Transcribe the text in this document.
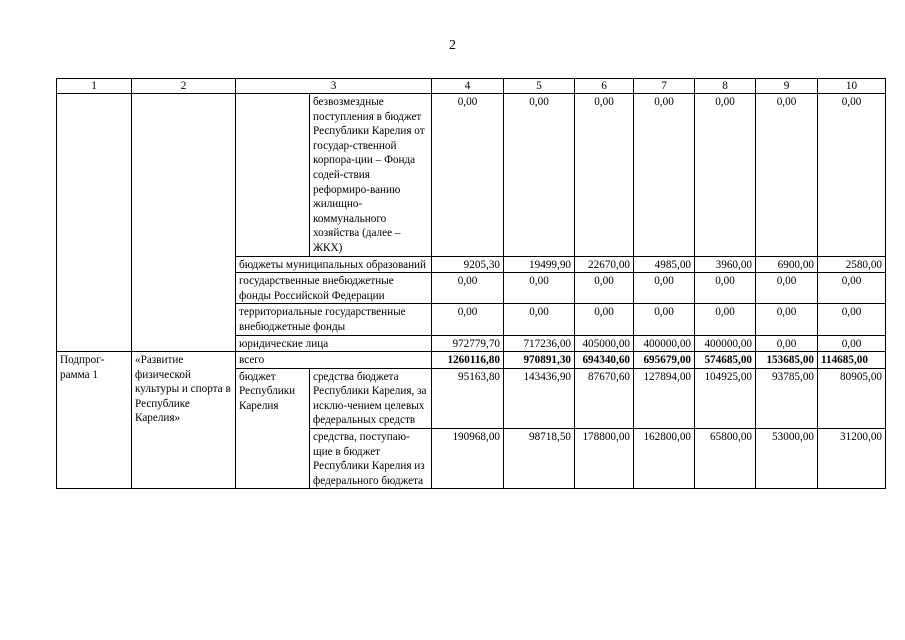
2
1	2	3		4	5	6	7	8	9	10
			безвозмездные поступления в бюджет Республики Карелия от государ-ственной корпора-ции – Фонда содей-ствия реформиро-ванию жилищно-коммунального хозяйства (далее – ЖКХ)	0,00	0,00	0,00	0,00	0,00	0,00	0,00
		бюджеты муниципальных образований		9205,30	19499,90	22670,00	4985,00	3960,00	6900,00	2580,00
		государственные внебюджетные фонды Российской Федерации		0,00	0,00	0,00	0,00	0,00	0,00	0,00
		территориальные государственные внебюджетные фонды		0,00	0,00	0,00	0,00	0,00	0,00	0,00
		юридические лица		972779,70	717236,00	405000,00	400000,00	400000,00	0,00	0,00
Подпрог-рамма 1	«Развитие физической культуры и спорта в Республике Карелия»	всего		1260116,80	970891,30	694340,60	695679,00	574685,00	153685,00	114685,00
		бюджет Республики Карелия	средства бюджета Республики Карелия, за исклю-чением целевых федеральных средств	95163,80	143436,90	87670,60	127894,00	104925,00	93785,00	80905,00
			средства, поступаю-щие в бюджет Республики Карелия из федерального бюджета	190968,00	98718,50	178800,00	162800,00	65800,00	53000,00	31200,00
